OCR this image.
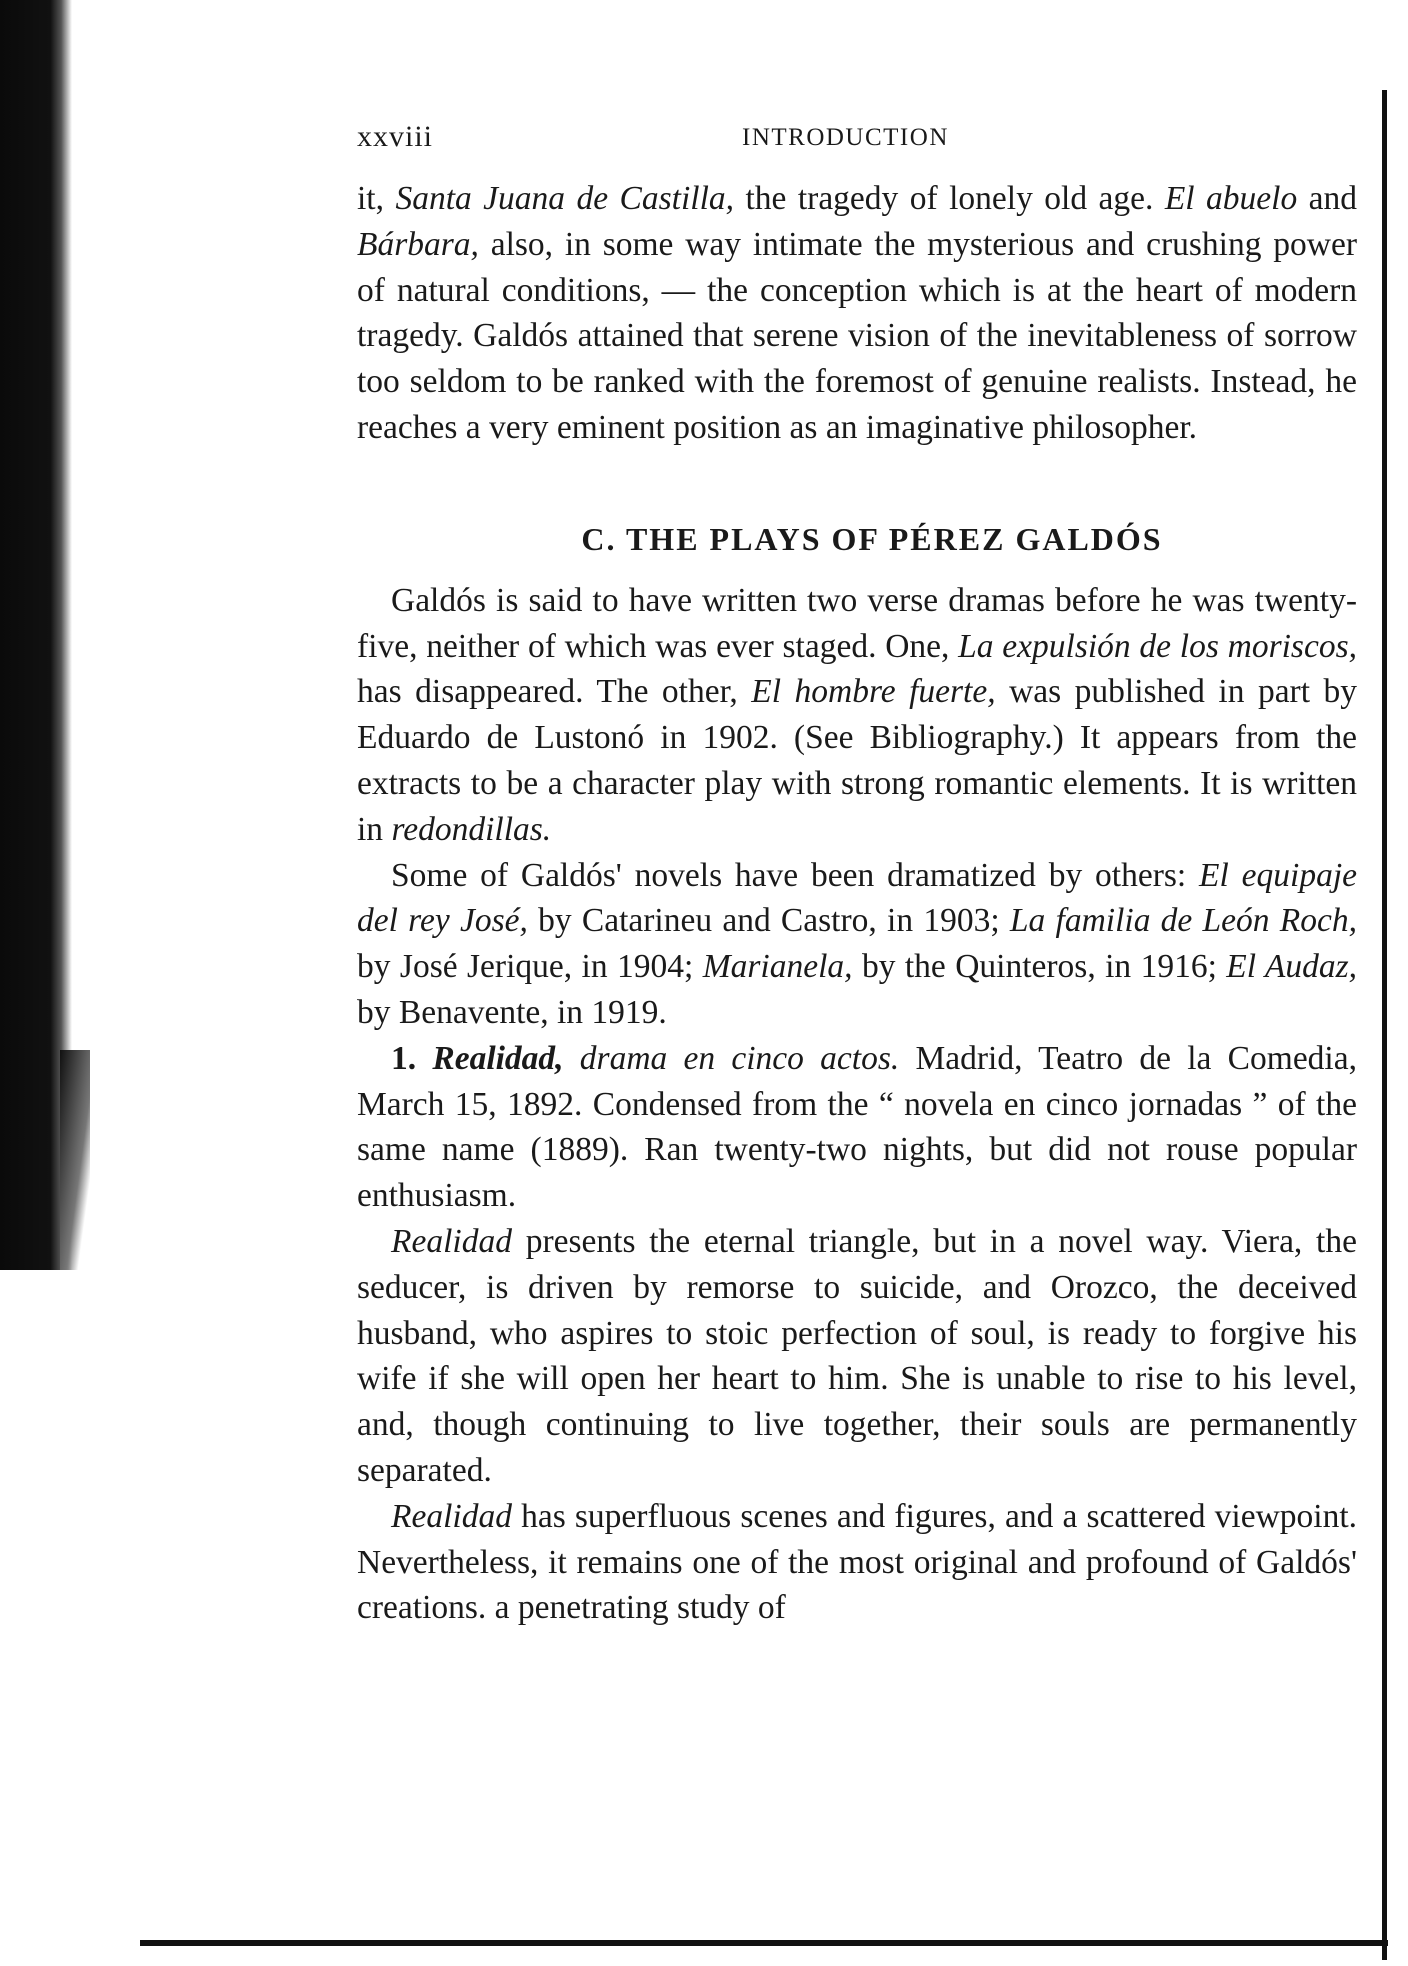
xxviii	INTRODUCTION

it, Santa Juana de Castilla, the tragedy of lonely old age. El abuelo and Bárbara, also, in some way intimate the mysterious and crushing power of natural conditions, — the conception which is at the heart of modern tragedy. Galdós attained that serene vision of the inevitableness of sorrow too seldom to be ranked with the foremost of genuine realists. Instead, he reaches a very eminent position as an imaginative philosopher.

C. THE PLAYS OF PÉREZ GALDÓS

Galdós is said to have written two verse dramas before he was twenty-five, neither of which was ever staged. One, La expulsión de los moriscos, has disappeared. The other, El hombre fuerte, was published in part by Eduardo de Lustonó in 1902. (See Bibliography.) It appears from the extracts to be a character play with strong romantic elements. It is written in redondillas.

Some of Galdós' novels have been dramatized by others: El equipaje del rey José, by Catarineu and Castro, in 1903; La familia de León Roch, by José Jerique, in 1904; Marianela, by the Quinteros, in 1916; El Audaz, by Benavente, in 1919.

1. Realidad, drama en cinco actos. Madrid, Teatro de la Comedia, March 15, 1892. Condensed from the “ novela en cinco jornadas ” of the same name (1889). Ran twenty-two nights, but did not rouse popular enthusiasm.

Realidad presents the eternal triangle, but in a novel way. Viera, the seducer, is driven by remorse to suicide, and Orozco, the deceived husband, who aspires to stoic perfection of soul, is ready to forgive his wife if she will open her heart to him. She is unable to rise to his level, and, though continuing to live together, their souls are permanently separated.

Realidad has superfluous scenes and figures, and a scattered viewpoint. Nevertheless, it remains one of the most original and profound of Galdós' creations. a penetrating study of
